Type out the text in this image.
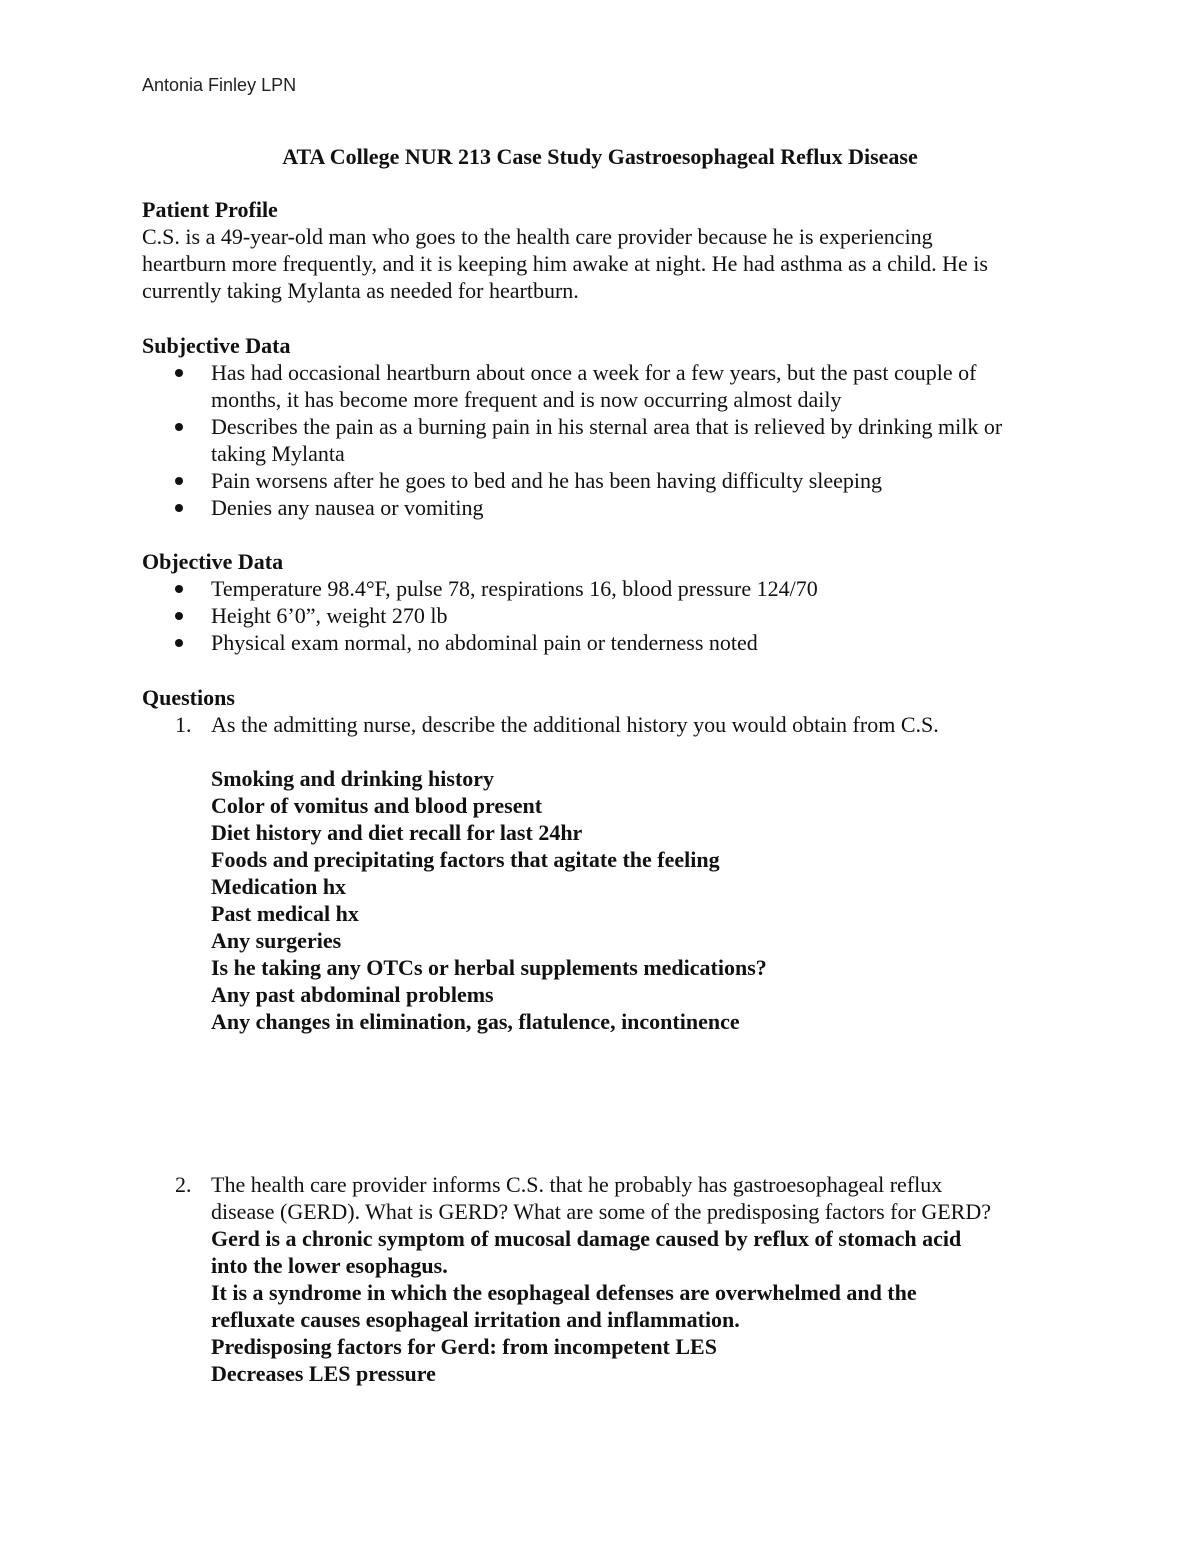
Antonia Finley LPN
ATA College NUR 213 Case Study Gastroesophageal Reflux Disease
Patient Profile
C.S. is a 49-year-old man who goes to the health care provider because he is experiencing
heartburn more frequently, and it is keeping him awake at night. He had asthma as a child. He is
currently taking Mylanta as needed for heartburn.
Subjective Data
Has had occasional heartburn about once a week for a few years, but the past couple of
months, it has become more frequent and is now occurring almost daily
Describes the pain as a burning pain in his sternal area that is relieved by drinking milk or
taking Mylanta
Pain worsens after he goes to bed and he has been having difficulty sleeping
Denies any nausea or vomiting
Objective Data
Temperature 98.4°F, pulse 78, respirations 16, blood pressure 124/70
Height 6’0”, weight 270 lb
Physical exam normal, no abdominal pain or tenderness noted
Questions
1. As the admitting nurse, describe the additional history you would obtain from C.S.
Smoking and drinking history
Color of vomitus and blood present
Diet history and diet recall for last 24hr
Foods and precipitating factors that agitate the feeling
Medication hx
Past medical hx
Any surgeries
Is he taking any OTCs or herbal supplements medications?
Any past abdominal problems
Any changes in elimination, gas, flatulence, incontinence
2. The health care provider informs C.S. that he probably has gastroesophageal reflux
disease (GERD). What is GERD? What are some of the predisposing factors for GERD?
Gerd is a chronic symptom of mucosal damage caused by reflux of stomach acid
into the lower esophagus.
It is a syndrome in which the esophageal defenses are overwhelmed and the
refluxate causes esophageal irritation and inflammation.
Predisposing factors for Gerd: from incompetent LES
Decreases LES pressure
